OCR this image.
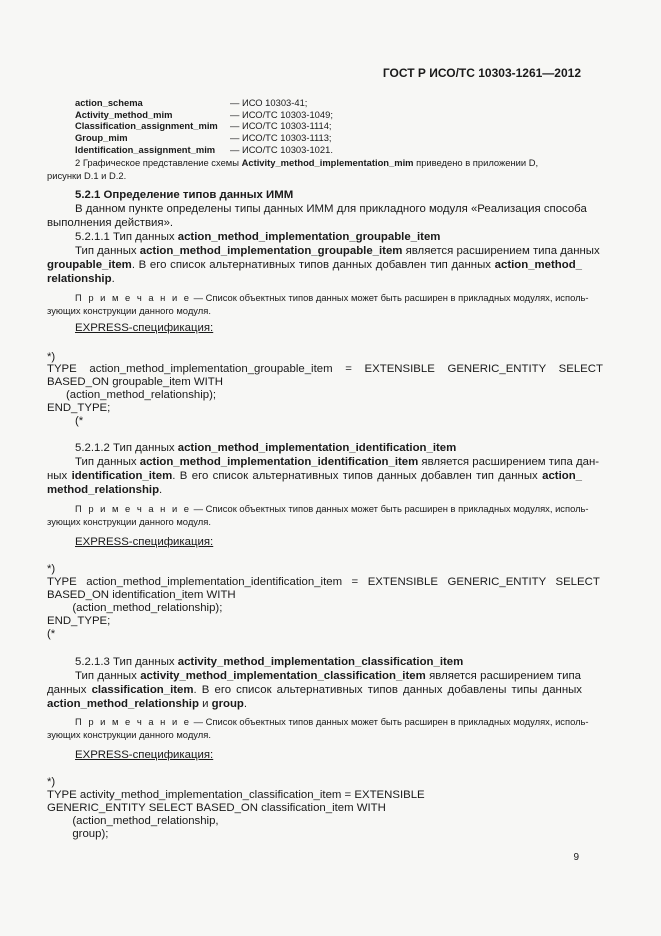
ГОСТ Р ИСО/ТС 10303-1261—2012
action_schema	— ИСО 10303-41;
Activity_method_mim	— ИСО/ТС 10303-1049;
Classification_assignment_mim — ИСО/ТС 10303-1114;
Group_mim	— ИСО/ТС 10303-1113;
Identification_assignment_mim — ИСО/ТС 10303-1021.
2 Графическое представление схемы Activity_method_implementation_mim приведено в приложении D,
рисунки D.1 и D.2.
5.2.1 Определение типов данных ИММ
В данном пункте определены типы данных ИММ для прикладного модуля «Реализация способа
выполнения действия».
5.2.1.1 Тип данных action_method_implementation_groupable_item
Тип данных action_method_implementation_groupable_item является расширением типа данных
groupable_item. В его список альтернативных типов данных добавлен тип данных action_method_
relationship.
П р и м е ч а н и е — Список объектных типов данных может быть расширен в прикладных модулях, исполь-
зующих конструкции данного модуля.
EXPRESS-спецификация:
*)
TYPE    action_method_implementation_groupable_item    =    EXTENSIBLE    GENERIC_ENTITY    SELECT
BASED_ON groupable_item WITH
(action_method_relationship);
END_TYPE;
(*
5.2.1.2 Тип данных action_method_implementation_identification_item
Тип данных action_method_implementation_identification_item является расширением типа дан-
ных identification_item. В его список альтернативных типов данных добавлен тип данных action_
method_relationship.
П р и м е ч а н и е — Список объектных типов данных может быть расширен в прикладных модулях, исполь-
зующих конструкции данного модуля.
EXPRESS-спецификация:
*)
TYPE   action_method_implementation_identification_item   =   EXTENSIBLE   GENERIC_ENTITY   SELECT
BASED_ON identification_item WITH
(action_method_relationship);
END_TYPE;
(*
5.2.1.3 Тип данных activity_method_implementation_classification_item
Тип данных activity_method_implementation_classification_item является расширением типа
данных classification_item. В его список альтернативных типов данных добавлены типы данных
action_method_relationship и group.
П р и м е ч а н и е — Список объектных типов данных может быть расширен в прикладных модулях, исполь-
зующих конструкции данного модуля.
EXPRESS-спецификация:
*)
TYPE activity_method_implementation_classification_item = EXTENSIBLE
GENERIC_ENTITY SELECT BASED_ON classification_item WITH
(action_method_relationship,
group);
9
